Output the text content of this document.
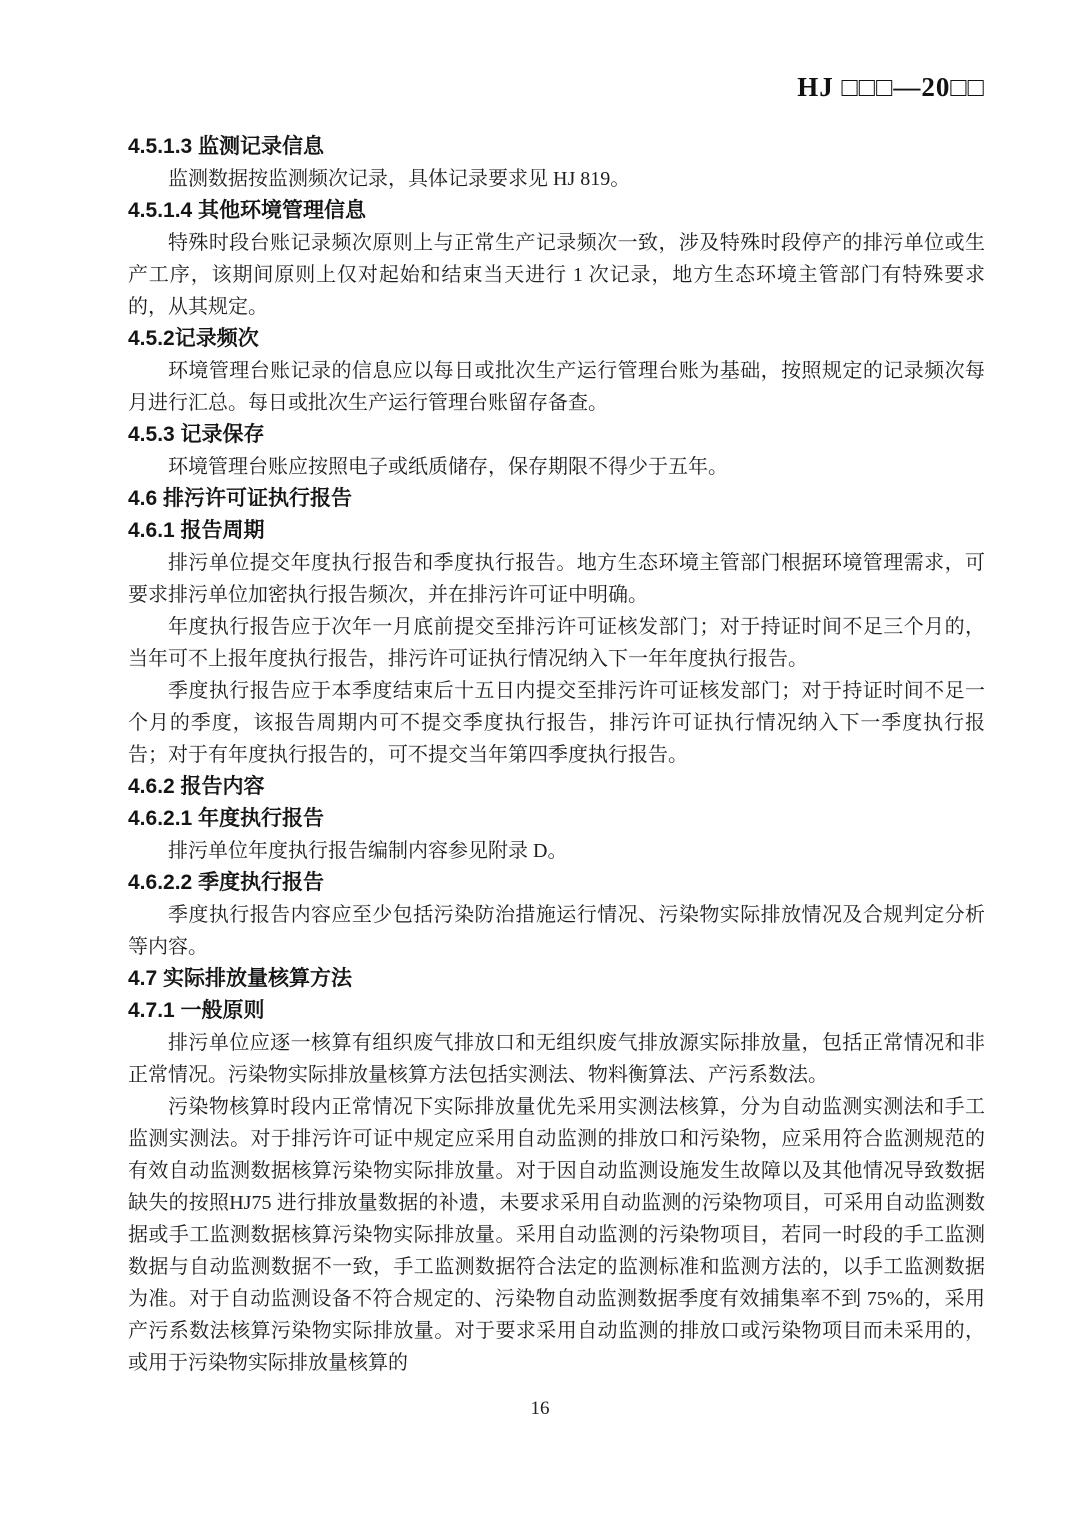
HJ □□□—20□□
4.5.1.3 监测记录信息

监测数据按监测频次记录，具体记录要求见 HJ 819。

4.5.1.4 其他环境管理信息

特殊时段台账记录频次原则上与正常生产记录频次一致，涉及特殊时段停产的排污单位或生产工序，该期间原则上仅对起始和结束当天进行 1 次记录，地方生态环境主管部门有特殊要求的，从其规定。

4.5.2记录频次

环境管理台账记录的信息应以每日或批次生产运行管理台账为基础，按照规定的记录频次每月进行汇总。每日或批次生产运行管理台账留存备查。

4.5.3 记录保存

环境管理台账应按照电子或纸质储存，保存期限不得少于五年。

4.6 排污许可证执行报告
4.6.1 报告周期

排污单位提交年度执行报告和季度执行报告。地方生态环境主管部门根据环境管理需求，可要求排污单位加密执行报告频次，并在排污许可证中明确。

年度执行报告应于次年一月底前提交至排污许可证核发部门；对于持证时间不足三个月的，当年可不上报年度执行报告，排污许可证执行情况纳入下一年年度执行报告。

季度执行报告应于本季度结束后十五日内提交至排污许可证核发部门；对于持证时间不足一个月的季度，该报告周期内可不提交季度执行报告，排污许可证执行情况纳入下一季度执行报告；对于有年度执行报告的，可不提交当年第四季度执行报告。

4.6.2 报告内容
4.6.2.1 年度执行报告

排污单位年度执行报告编制内容参见附录 D。

4.6.2.2 季度执行报告

季度执行报告内容应至少包括污染防治措施运行情况、污染物实际排放情况及合规判定分析等内容。

4.7 实际排放量核算方法
4.7.1 一般原则

排污单位应逐一核算有组织废气排放口和无组织废气排放源实际排放量，包括正常情况和非正常情况。污染物实际排放量核算方法包括实测法、物料衡算法、产污系数法。

污染物核算时段内正常情况下实际排放量优先采用实测法核算，分为自动监测实测法和手工监测实测法。对于排污许可证中规定应采用自动监测的排放口和污染物，应采用符合监测规范的有效自动监测数据核算污染物实际排放量。对于因自动监测设施发生故障以及其他情况导致数据缺失的按照HJ75 进行排放量数据的补遗，未要求采用自动监测的污染物项目，可采用自动监测数据或手工监测数据核算污染物实际排放量。采用自动监测的污染物项目，若同一时段的手工监测数据与自动监测数据不一致，手工监测数据符合法定的监测标准和监测方法的，以手工监测数据为准。对于自动监测设备不符合规定的、污染物自动监测数据季度有效捕集率不到 75%的，采用产污系数法核算污染物实际排放量。对于要求采用自动监测的排放口或污染物项目而未采用的，或用于污染物实际排放量核算的

16
